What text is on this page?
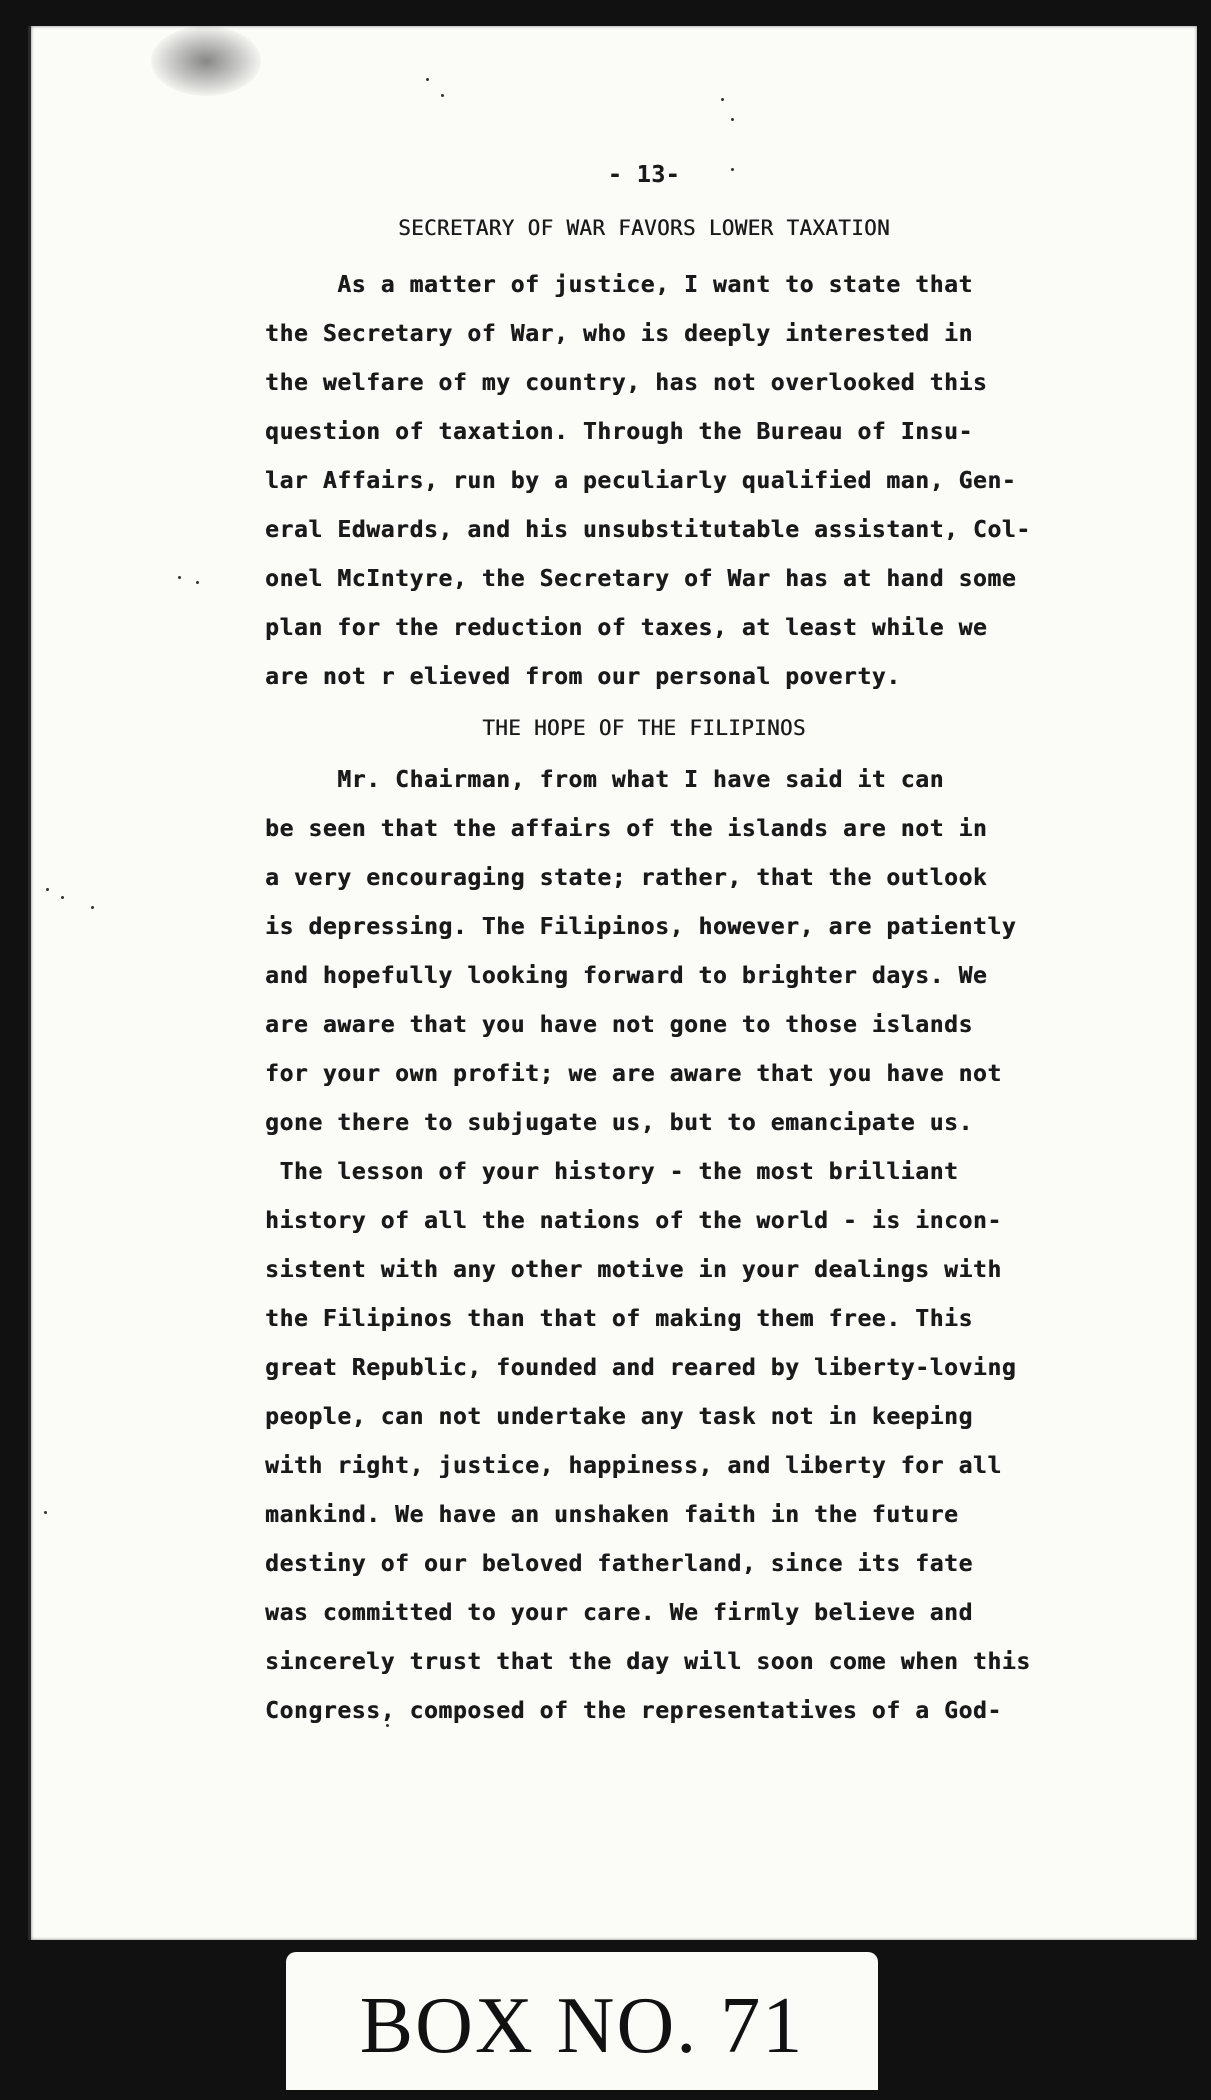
- 13-
SECRETARY OF WAR FAVORS LOWER TAXATION
As a matter of justice, I want to state that
the Secretary of War, who is deeply interested in
the welfare of my country, has not overlooked this
question of taxation. Through the Bureau of Insu-
lar Affairs, run by a peculiarly qualified man, Gen-
eral Edwards, and his unsubstitutable assistant, Col-
onel McIntyre, the Secretary of War has at hand some
plan for the reduction of taxes, at least while we
are not r elieved from our personal poverty.
THE HOPE OF THE FILIPINOS
Mr. Chairman, from what I have said it can
be seen that the affairs of the islands are not in
a very encouraging state; rather, that the outlook
is depressing. The Filipinos, however, are patiently
and hopefully looking forward to brighter days. We
are aware that you have not gone to those islands
for your own profit; we are aware that you have not
gone there to subjugate us, but to emancipate us.
The lesson of your history - the most brilliant
history of all the nations of the world - is incon-
sistent with any other motive in your dealings with
the Filipinos than that of making them free. This
great Republic, founded and reared by liberty-loving
people, can not undertake any task not in keeping
with right, justice, happiness, and liberty for all
mankind. We have an unshaken faith in the future
destiny of our beloved fatherland, since its fate
was committed to your care. We firmly believe and
sincerely trust that the day will soon come when this
Congress, composed of the representatives of a God-
BOX NO. 71
